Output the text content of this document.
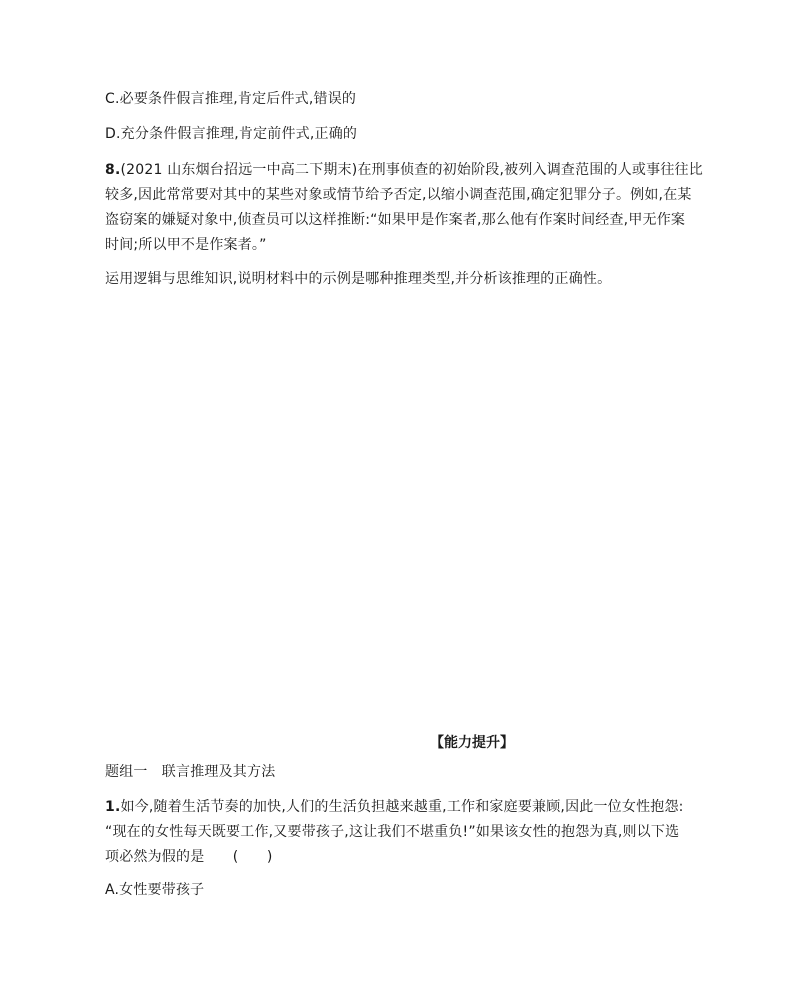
C.必要条件假言推理,肯定后件式,错误的
D.充分条件假言推理,肯定前件式,正确的
8.(2021 山东烟台招远一中高二下期末)在刑事侦查的初始阶段,被列入调查范围的人或事往往比
较多,因此常常要对其中的某些对象或情节给予否定,以缩小调查范围,确定犯罪分子。例如,在某
盗窃案的嫌疑对象中,侦查员可以这样推断:“如果甲是作案者,那么他有作案时间经查,甲无作案
时间;所以甲不是作案者。”
运用逻辑与思维知识,说明材料中的示例是哪种推理类型,并分析该推理的正确性。
【能力提升】
题组一　联言推理及其方法
1.如今,随着生活节奏的加快,人们的生活负担越来越重,工作和家庭要兼顾,因此一位女性抱怨:
“现在的女性每天既要工作,又要带孩子,这让我们不堪重负!”如果该女性的抱怨为真,则以下选
项必然为假的是　　(　　)
A.女性要带孩子
